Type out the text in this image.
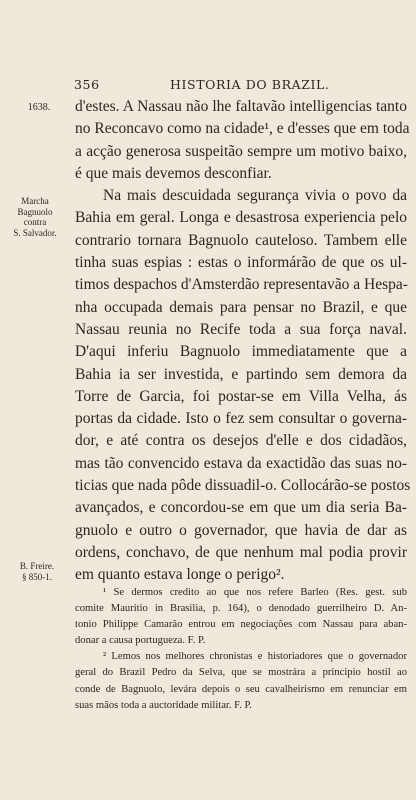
356	HISTORIA DO BRAZIL.
1638.
Marcha
Bagnuolo
contra
S. Salvador.
B. Freire.
§ 850-1.
d'estes. A Nassau não lhe faltavão intelligencias tanto
no Reconcavo como na cidade¹, e d'esses que em toda
a acção generosa suspeitão sempre um motivo baixo,
é que mais devemos desconfiar.
Na mais descuidada segurança vivia o povo da
Bahia em geral. Longa e desastrosa experiencia pelo
contrario tornara Bagnuolo cauteloso. Tambem elle
tinha suas espias : estas o informárão de que os ul-
timos despachos d'Amsterdão representavão a Hespa-
nha occupada demais para pensar no Brazil, e que
Nassau reunia no Recife toda a sua força naval.
D'aqui inferiu Bagnuolo immediatamente que a
Bahia ia ser investida, e partindo sem demora da
Torre de Garcia, foi postar-se em Villa Velha, ás
portas da cidade. Isto o fez sem consultar o governa-
dor, e até contra os desejos d'elle e dos cidadãos,
mas tão convencido estava da exactidão das suas no-
ticias que nada pôde dissuadil-o. Collocárão-se postos
avançados, e concordou-se em que um dia seria Ba-
gnuolo e outro o governador, que havia de dar as
ordens, conchavo, de que nenhum mal podia provir
em quanto estava longe o perigo².
¹ Se dermos credito ao que nos refere Barleo (Res. gest. sub
comite Mauritio in Brasilia, p. 164), o denodado guerrilheiro D. An-
tonio Philippe Camarão entrou em negociações com Nassau para aban-
donar a causa portugueza. F. P.
² Lemos nos melhores chronistas e historiadores que o governador
geral do Brazil Pedro da Selva, que se mostrára a principio hostil ao
conde de Bagnuolo, levára depois o seu cavalheirismo em renunciar em
suas mãos toda a auctoridade militar. F. P.
